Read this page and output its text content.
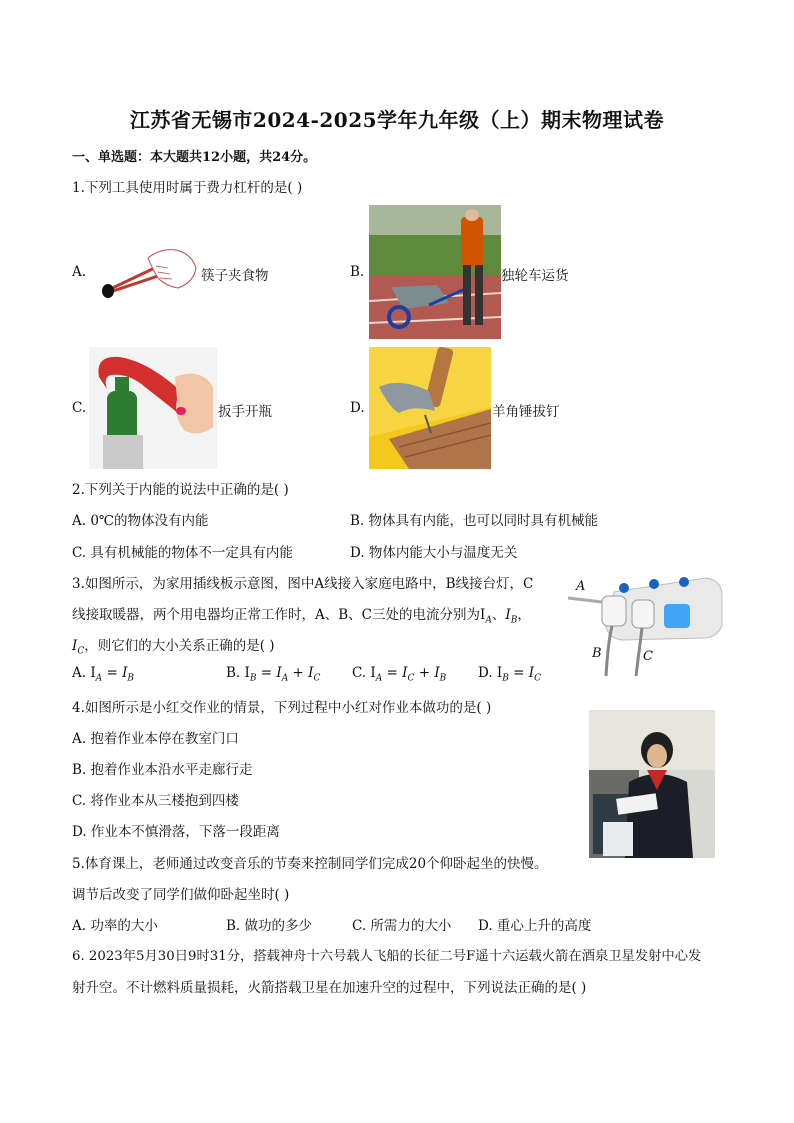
江苏省无锡市2024-2025学年九年级（上）期末物理试卷
一、单选题：本大题共12小题，共24分。
1.下列工具使用时属于费力杠杆的是( )
A.	筷子夹食物	B.	独轮车运货
C.	扳手开瓶	D.	羊角锤拔钉
2.下列关于内能的说法中正确的是( )
A. 0℃的物体没有内能	B. 物体具有内能，也可以同时具有机械能
C. 具有机械能的物体不一定具有内能	D. 物体内能大小与温度无关
3.如图所示，为家用插线板示意图，图中A线接入家庭电路中，B线接台灯，C
线接取暖器，两个用电器均正常工作时，A、B、C三处的电流分别为$I_A$、$I_B$，
$I_C$，则它们的大小关系正确的是( )
A. $I_A = I_B$	B. $I_B = I_A + I_C$ C. $I_A = I_C + I_B$ D. $I_B = I_C$
A
B	C
4.如图所示是小红交作业的情景，下列过程中小红对作业本做功的是( )
A. 抱着作业本停在教室门口
B. 抱着作业本沿水平走廊行走
C. 将作业本从三楼抱到四楼
D. 作业本不慎滑落，下落一段距离
5.体育课上，老师通过改变音乐的节奏来控制同学们完成20个仰卧起坐的快慢。
调节后改变了同学们做仰卧起坐时( )
A. 功率的大小	B. 做功的多少	C. 所需力的大小 D. 重心上升的高度
6. 2023年5月30日9时31分，搭载神舟十六号载人飞船的长征二号F遥十六运载火箭在酒泉卫星发射中心发
射升空。不计燃料质量损耗，火箭搭载卫星在加速升空的过程中，下列说法正确的是( )
